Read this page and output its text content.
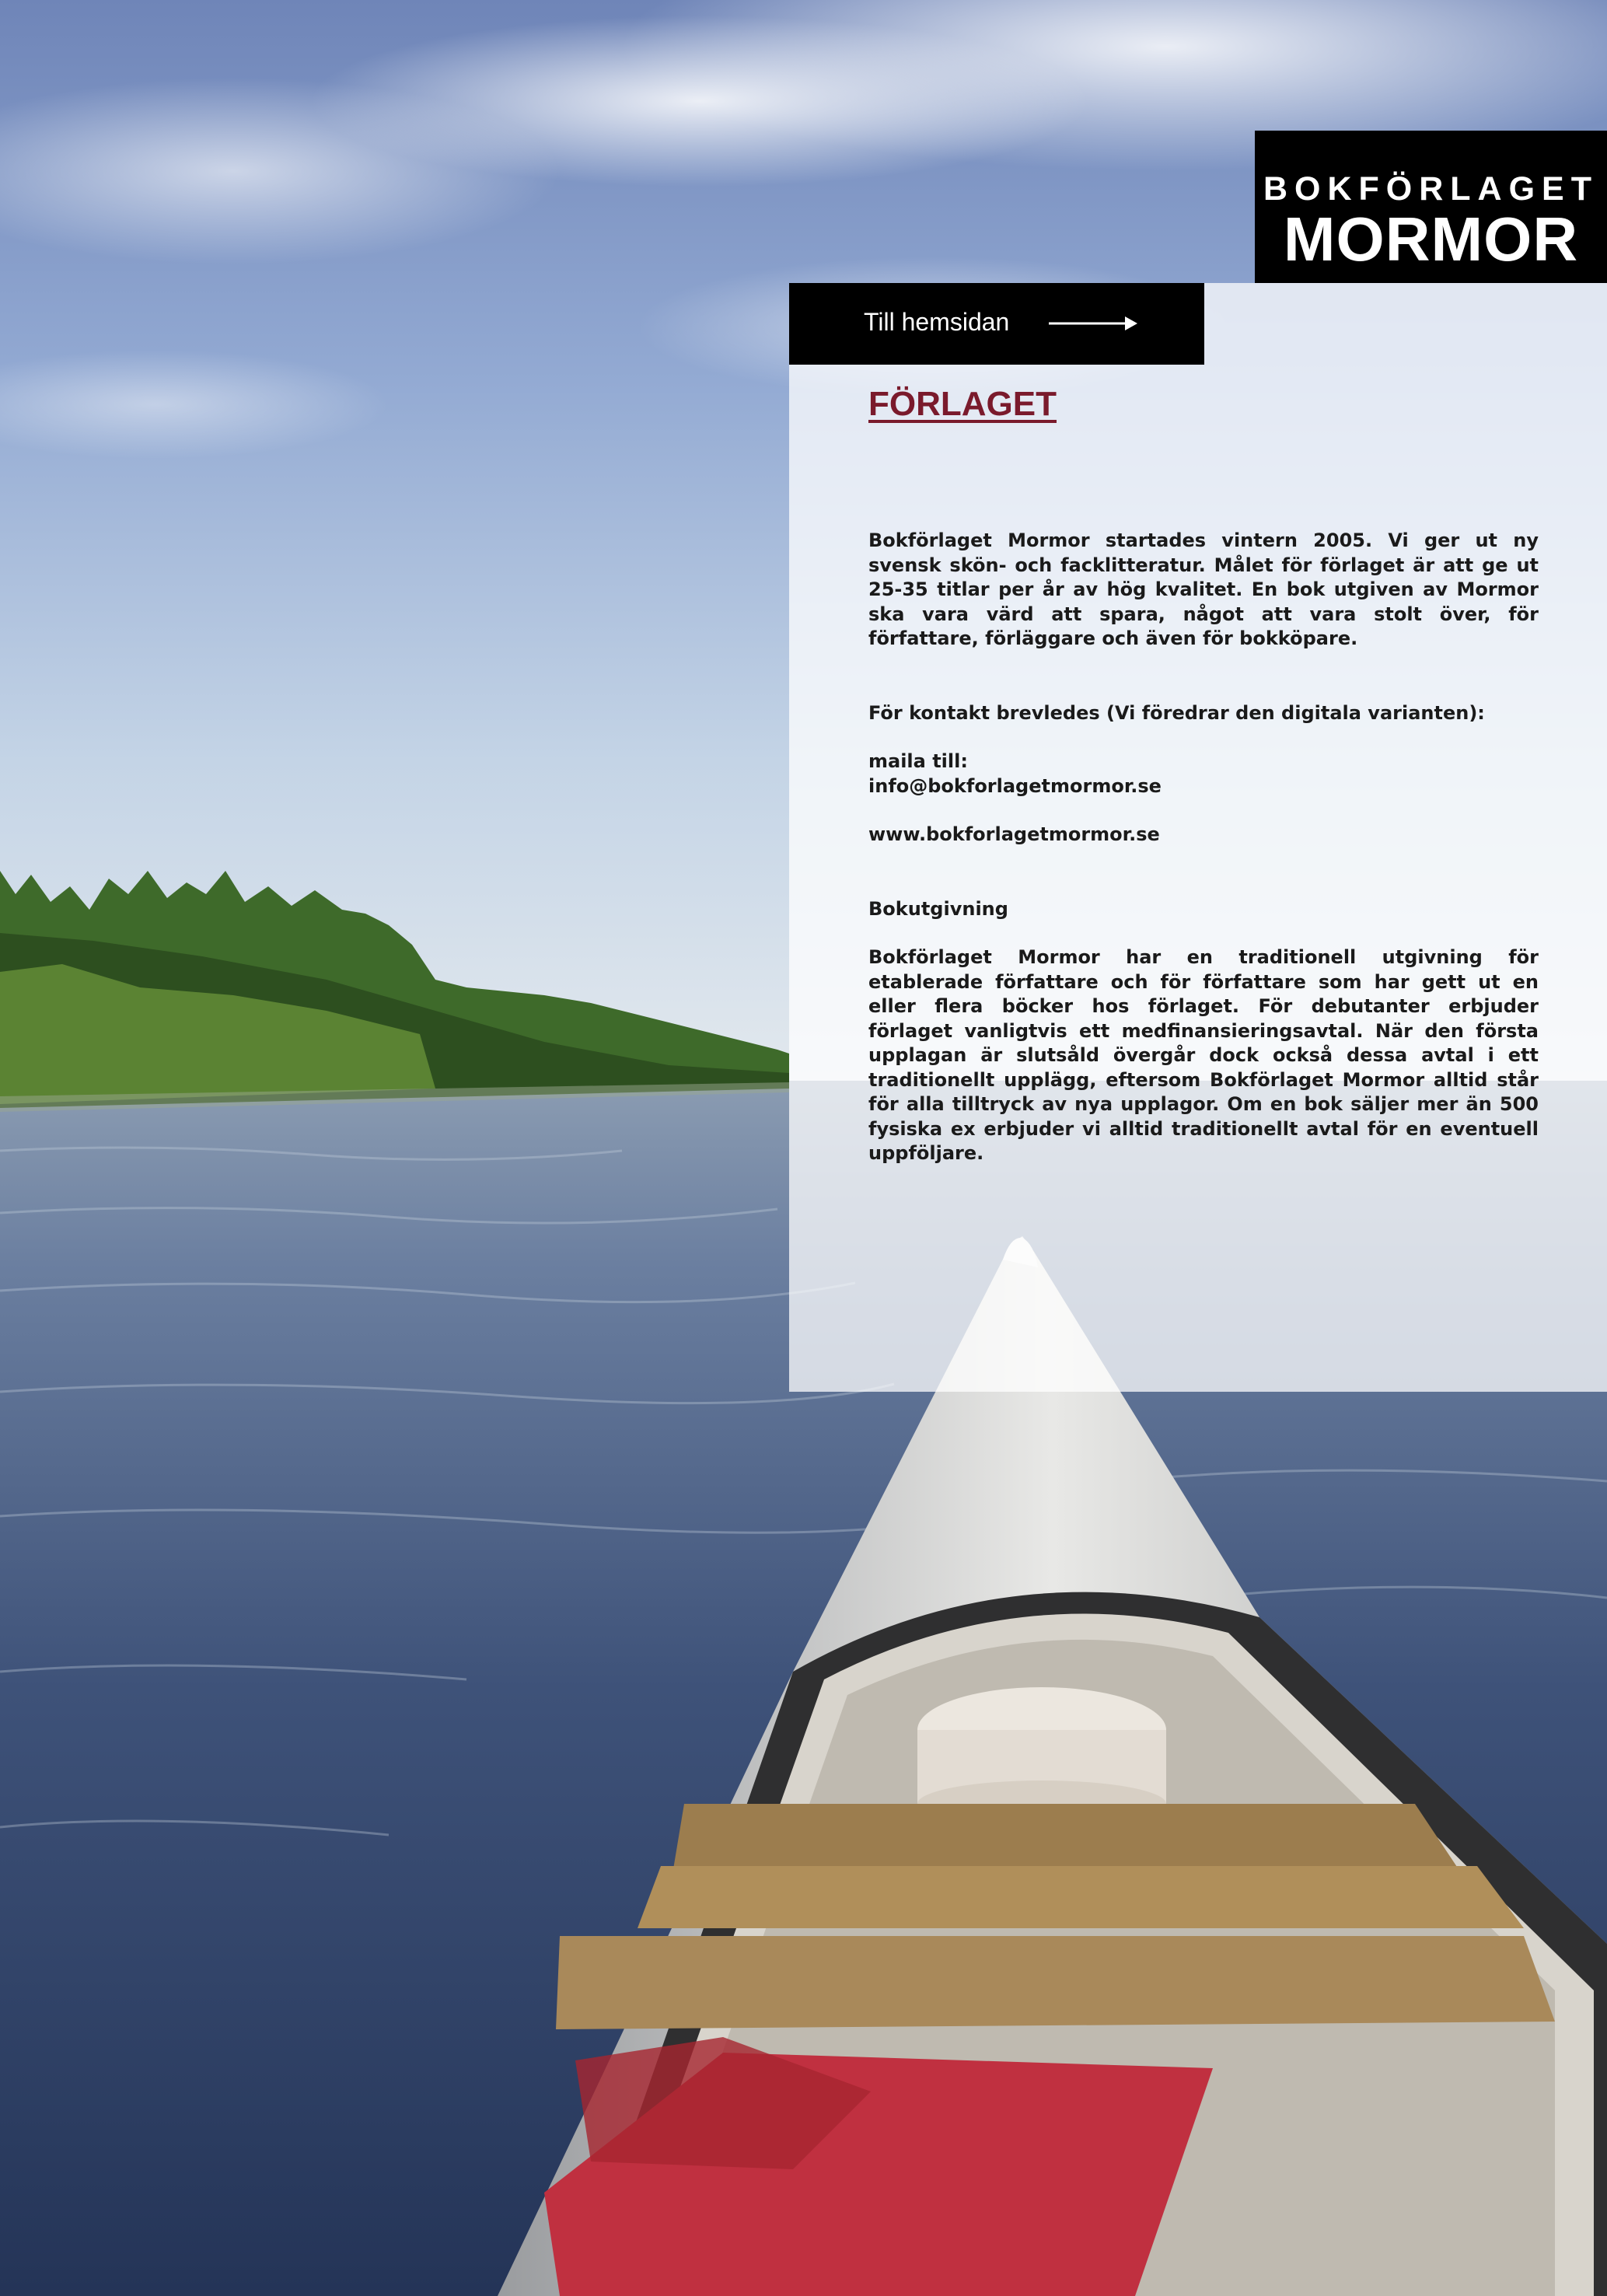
BOKFÖRLAGET
MORMOR
Till hemsidan
FÖRLAGET

Bokförlaget Mormor startades vintern 2005. Vi ger ut ny svensk skön- och facklitteratur. Målet för förlaget är att ge ut 25-35 titlar per år av hög kvalitet. En bok utgiven av Mormor ska vara värd att spara, något att vara stolt över, för författare, förläggare och även för bokköpare.

För kontakt brevledes (Vi föredrar den digitala varianten):

maila till:

info@bokforlagetmormor.se

www.bokforlagetmormor.se

Bokutgivning

Bokförlaget Mormor har en traditionell utgivning för etablerade författare och för författare som har gett ut en eller flera böcker hos förlaget. För debutanter erbjuder förlaget vanligtvis ett medfinansieringsavtal. När den första upplagan är slutsåld övergår dock också dessa avtal i ett traditionellt upplägg, eftersom Bokförlaget Mormor alltid står för alla tilltryck av nya upplagor. Om en bok säljer mer än 500 fysiska ex erbjuder vi alltid traditionellt avtal för en eventuell uppföljare.
